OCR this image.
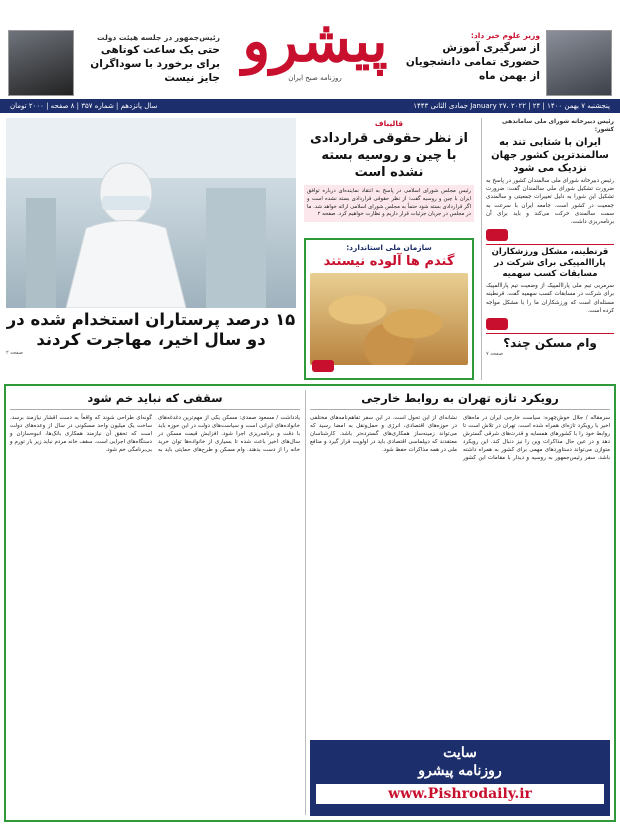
وزیر علوم خبر داد:
از سرگیری آموزش حضوری تمامی دانشجویان از بهمن ماه
پیشرو
روزنامه صبح ایران
رئیس‌جمهور در جلسه هیئت دولت
حتی یک ساعت کوتاهی برای برخورد با سودا‌گران جایز نیست
پنجشنبه ۷ بهمن ۱۴۰۰ | January ۲۷، ۲۰۲۲ | ۲۴ جمادی الثانی ۱۴۴۳
سال پانزدهم | شماره ۳۵۷ | ۸ صفحه | ۲۰۰۰ تومان
رئیس دبیرخانه شورای ملی ساماندهی کشور:
ایران با شتابی تند به سالمندترین کشور جهان نزدیک می شود
رئیس دبیرخانه شورای ملی سالمندان کشور در پاسخ به ضرورت تشکیل شورای ملی سالمندان گفت: ضرورت تشکیل این شورا به دلیل تغییرات جمعیتی و سالمندی جمعیت در کشور است. جامعه ایران با سرعت به سمت سالمندی حرکت می‌کند و باید برای آن برنامه‌ریزی داشت.
قرنطینه، مشکل ورزشکاران پاراالمپیکی برای شرکت در مسابقات کسب سهمیه
سرمربی تیم ملی پاراالمپیک از وضعیت تیم پاراالمپیک برای شرکت در مسابقات کسب سهمیه گفت. قرنطینه مسئله‌ای است که ورزشکاران ما را با مشکل مواجه کرده است.
وام مسکن چند؟
صفحه ۷
قالیباف
از نظر حقوقی قراردادی با چین و روسیه بسته نشده است
رئیس مجلس شورای اسلامی در پاسخ به انتقاد نماینده‌ای درباره توافق ایران با چین و روسیه گفت: از نظر حقوقی قراردادی بسته نشده است و اگر قراردادی بسته شود حتماً به مجلس شورای اسلامی ارائه خواهد شد. ما در مجلس در جریان جزئیات قرار داریم و نظارت خواهیم کرد. صفحه ۲
سازمان ملی استاندارد:
گندم ها آلوده نیستند
۱۵ درصد پرستاران استخدام شده در دو سال اخیر، مهاجرت کردند
صفحه ۲
رویکرد تازه تهران به روابط خارجی
سرمقاله / جلال خوش‌چهره: سیاست خارجی ایران در ماه‌های اخیر با رویکرد تازه‌ای همراه شده است. تهران در تلاش است تا روابط خود را با کشورهای همسایه و قدرت‌های شرقی گسترش دهد و در عین حال مذاکرات وین را نیز دنبال کند. این رویکرد متوازن می‌تواند دستاوردهای مهمی برای کشور به همراه داشته باشد. سفر رئیس‌جمهور به روسیه و دیدار با مقامات این کشور نشانه‌ای از این تحول است. در این سفر تفاهم‌نامه‌های مختلفی در حوزه‌های اقتصادی، انرژی و حمل‌ونقل به امضا رسید که می‌تواند زمینه‌ساز همکاری‌های گسترده‌تر باشد. کارشناسان معتقدند که دیپلماسی اقتصادی باید در اولویت قرار گیرد و منافع ملی در همه مذاکرات حفظ شود.
سقفی که نباید خم شود
یادداشت / مسعود صمدی: مسکن یکی از مهم‌ترین دغدغه‌های خانواده‌های ایرانی است و سیاست‌های دولت در این حوزه باید با دقت و برنامه‌ریزی اجرا شود. افزایش قیمت مسکن در سال‌های اخیر باعث شده تا بسیاری از خانواده‌ها توان خرید خانه را از دست بدهند. وام مسکن و طرح‌های حمایتی باید به گونه‌ای طراحی شوند که واقعاً به دست اقشار نیازمند برسد. ساخت یک میلیون واحد مسکونی در سال از وعده‌های دولت است که تحقق آن نیازمند همکاری بانک‌ها، انبوه‌سازان و دستگاه‌های اجرایی است. سقف خانه مردم نباید زیر بار تورم و بی‌برنامگی خم شود.
سایت
روزنامه پیشرو
www.Pishrodaily.ir
